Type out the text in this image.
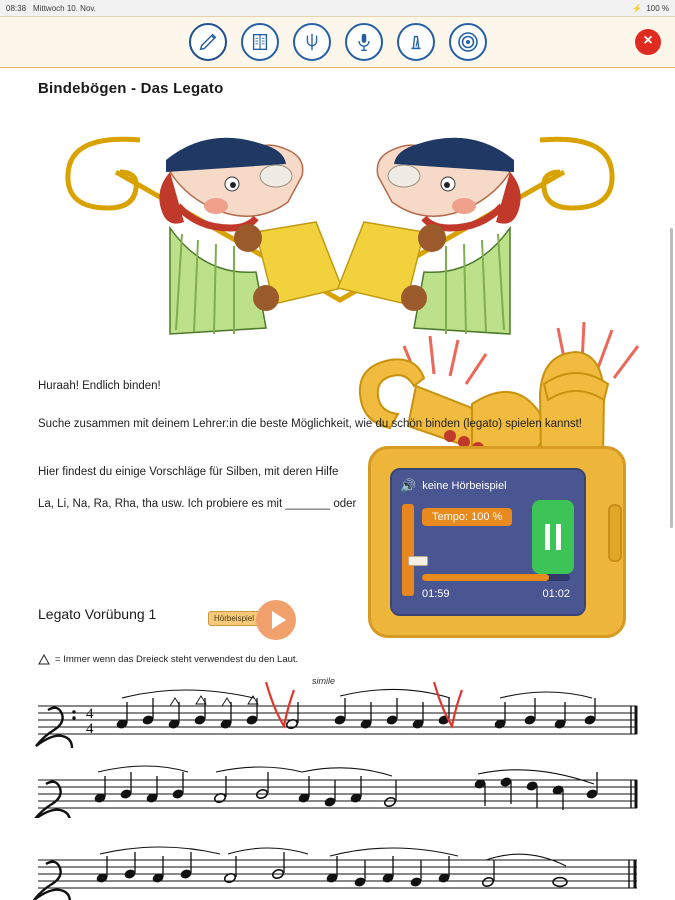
08:38 Mittwoch 10. Nov.	⚡ 100 %
×
Bindebögen - Das Legato
Huraah! Endlich binden!
Suche zusammen mit deinem Lehrer:in die beste Möglichkeit, wie du schön binden (legato) spielen kannst!
Hier findest du einige Vorschläge für Silben, mit deren Hilfe
La, Li, Na, Ra, Rha, tha usw. Ich probiere es mit _______ oder
🔊 keine Hörbeispiel
Tempo: 100 %
01:59	01:02
Legato Vorübung 1	Hörbeispiel
= Immer wenn das Dreieck steht verwendest du den Laut.
4
4
simile
